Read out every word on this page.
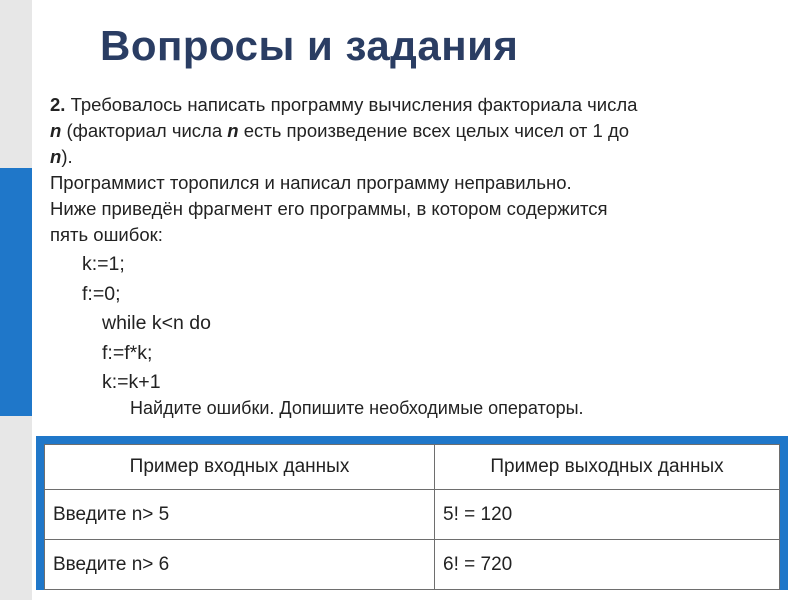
Вопросы и задания

2. Требовалось написать программу вычисления факториала числа

n (факториал числа n есть произведение всех целых чисел от 1 до

n).

Программист торопился и написал программу неправильно.

Ниже приведён фрагмент его программы, в котором содержится

пять ошибок:

k:=1;
f:=0;
while k<n do
f:=f*k;
k:=k+1
Найдите ошибки. Допишите необходимые операторы.
Пример входных данных	Пример выходных данных
Введите n> 5	5! = 120
Введите n> 6	6! = 720
